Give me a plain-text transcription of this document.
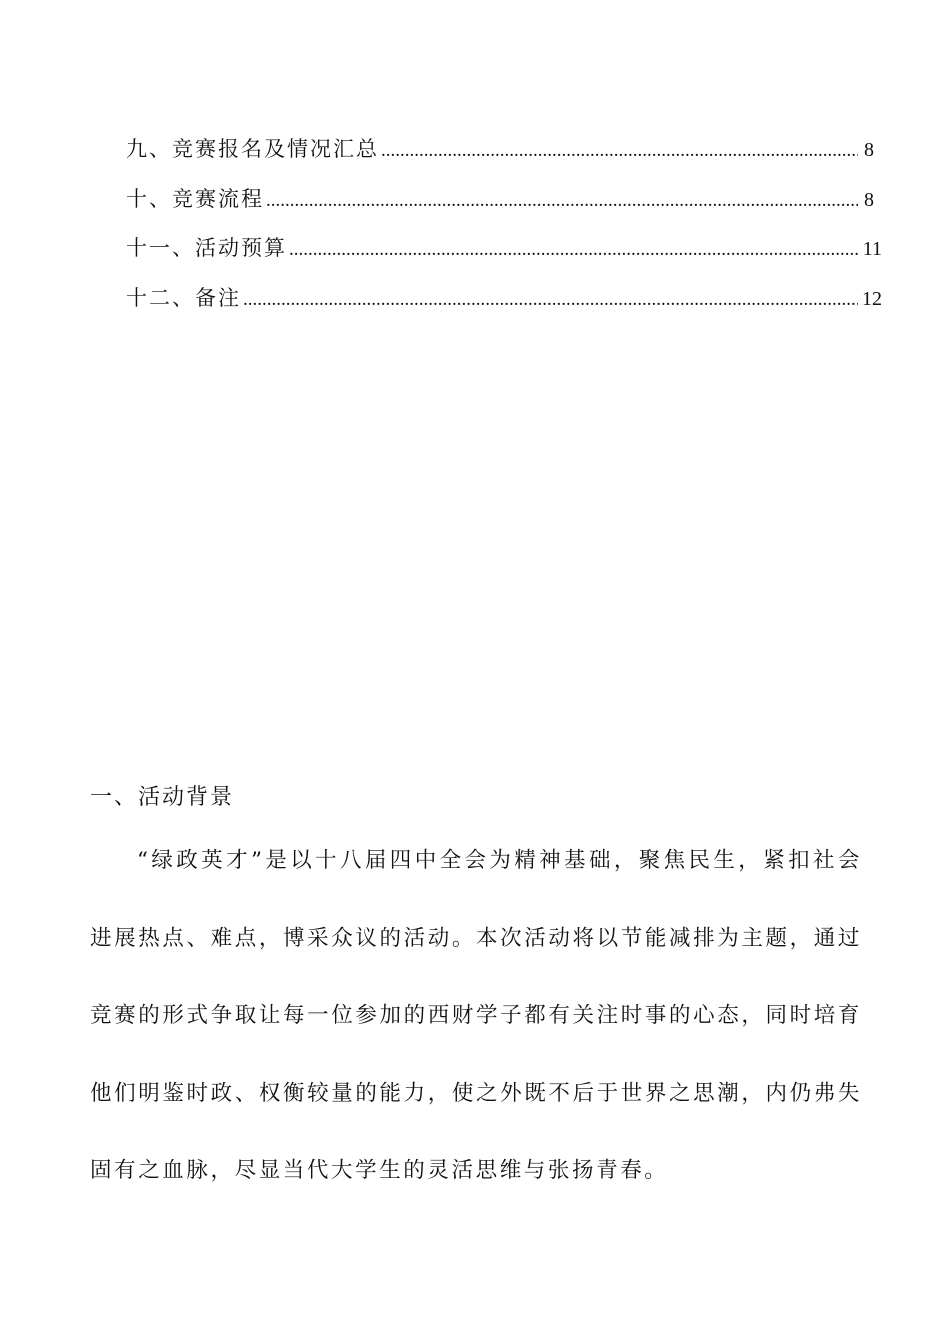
九、竞赛报名及情况汇总 .....	8
十、竞赛流程 .....	8
十一、活动预算 .....	11
十二、备注 .....	12
一、活动背景

“绿政英才”是以十八届四中全会为精神基础，聚焦民生，紧扣社会进展热点、难点，博采众议的活动。本次活动将以节能减排为主题，通过竞赛的形式争取让每一位参加的西财学子都有关注时事的心态，同时培育他们明鉴时政、权衡较量的能力，使之外既不后于世界之思潮，内仍弗失固有之血脉，尽显当代大学生的灵活思维与张扬青春。
